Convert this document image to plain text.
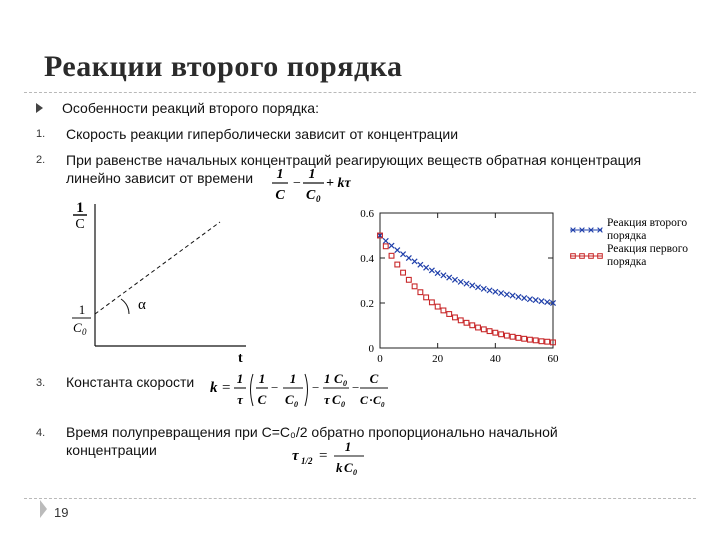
Реакции второго порядка
Особенности реакций второго порядка:
1. Скорость реакции гиперболически зависит от концентрации
2. При равенстве начальных концентраций реагирующих веществ обратная концентрация
линейно зависит от времени 1
C
−
1
C 0
+ kτ
α
1
C
1
C 0
t
0
0.2
0.4
0.6
0	20	40	60
Реакция второго
порядка
Реакция первого
порядка
3. Константа скорости k =
1
τ
1
C
−
1
C 0
−
1 C 0
τ C 0
−
C
C · C 0
4. Время полупревращения при C=C₀/2 обратно пропорционально начальной
концентрации	τ 1/2 =
1
k C 0
19
